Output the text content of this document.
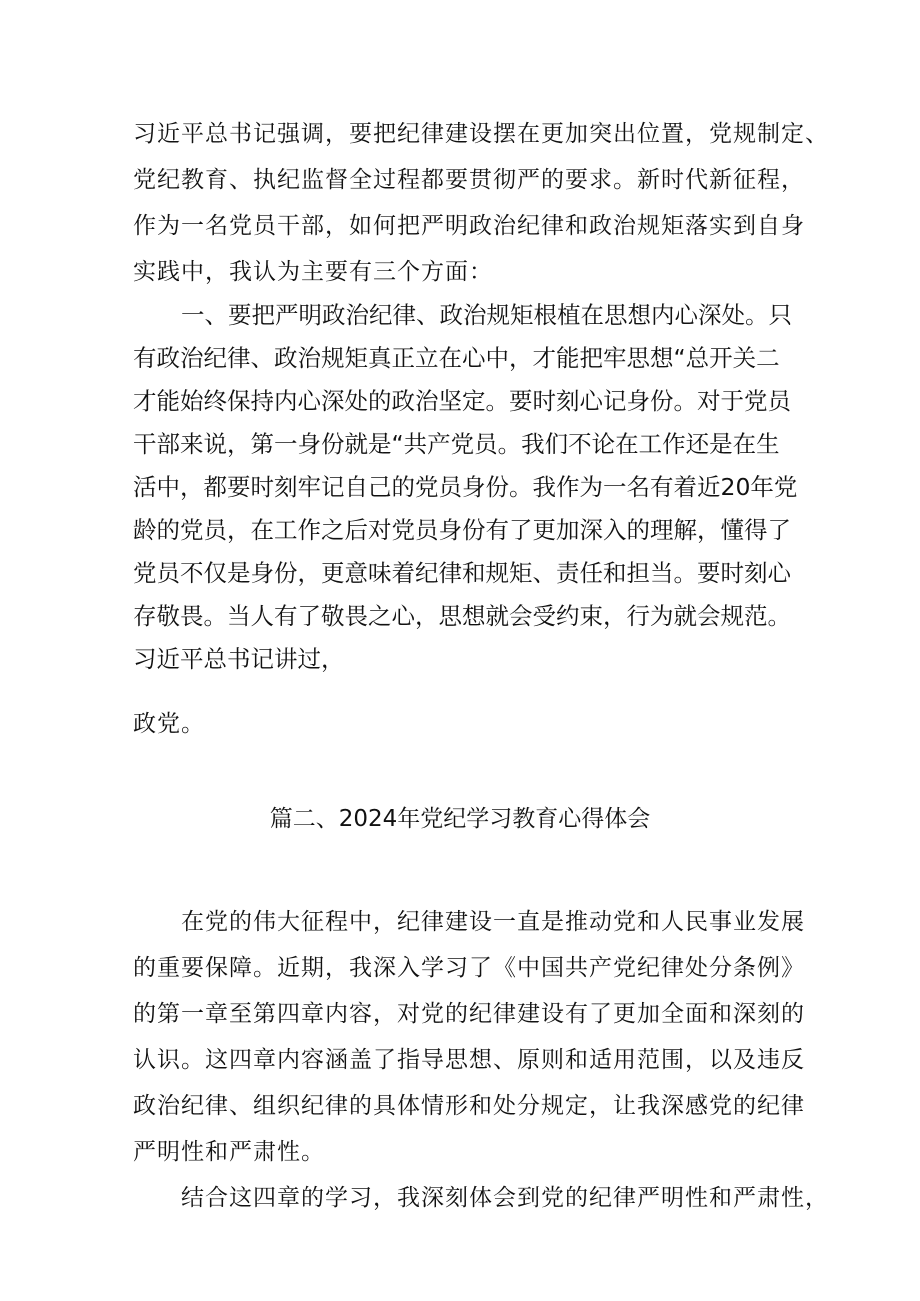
习近平总书记强调，要把纪律建设摆在更加突出位置，党规制定、
党纪教育、执纪监督全过程都要贯彻严的要求。新时代新征程，
作为一名党员干部，如何把严明政治纪律和政治规矩落实到自身
实践中，我认为主要有三个方面：
一、要把严明政治纪律、政治规矩根植在思想内心深处。只
有政治纪律、政治规矩真正立在心中，才能把牢思想“总开关二
才能始终保持内心深处的政治坚定。要时刻心记身份。对于党员
干部来说，第一身份就是“共产党员。我们不论在工作还是在生
活中，都要时刻牢记自己的党员身份。我作为一名有着近20年党
龄的党员，在工作之后对党员身份有了更加深入的理解，懂得了
党员不仅是身份，更意味着纪律和规矩、责任和担当。要时刻心
存敬畏。当人有了敬畏之心，思想就会受约束，行为就会规范。
习近平总书记讲过，
政党。
篇二、2024年党纪学习教育心得体会
在党的伟大征程中，纪律建设一直是推动党和人民事业发展
的重要保障。近期，我深入学习了《中国共产党纪律处分条例》
的第一章至第四章内容，对党的纪律建设有了更加全面和深刻的
认识。这四章内容涵盖了指导思想、原则和适用范围，以及违反
政治纪律、组织纪律的具体情形和处分规定，让我深感党的纪律
严明性和严肃性。
结合这四章的学习，我深刻体会到党的纪律严明性和严肃性，
